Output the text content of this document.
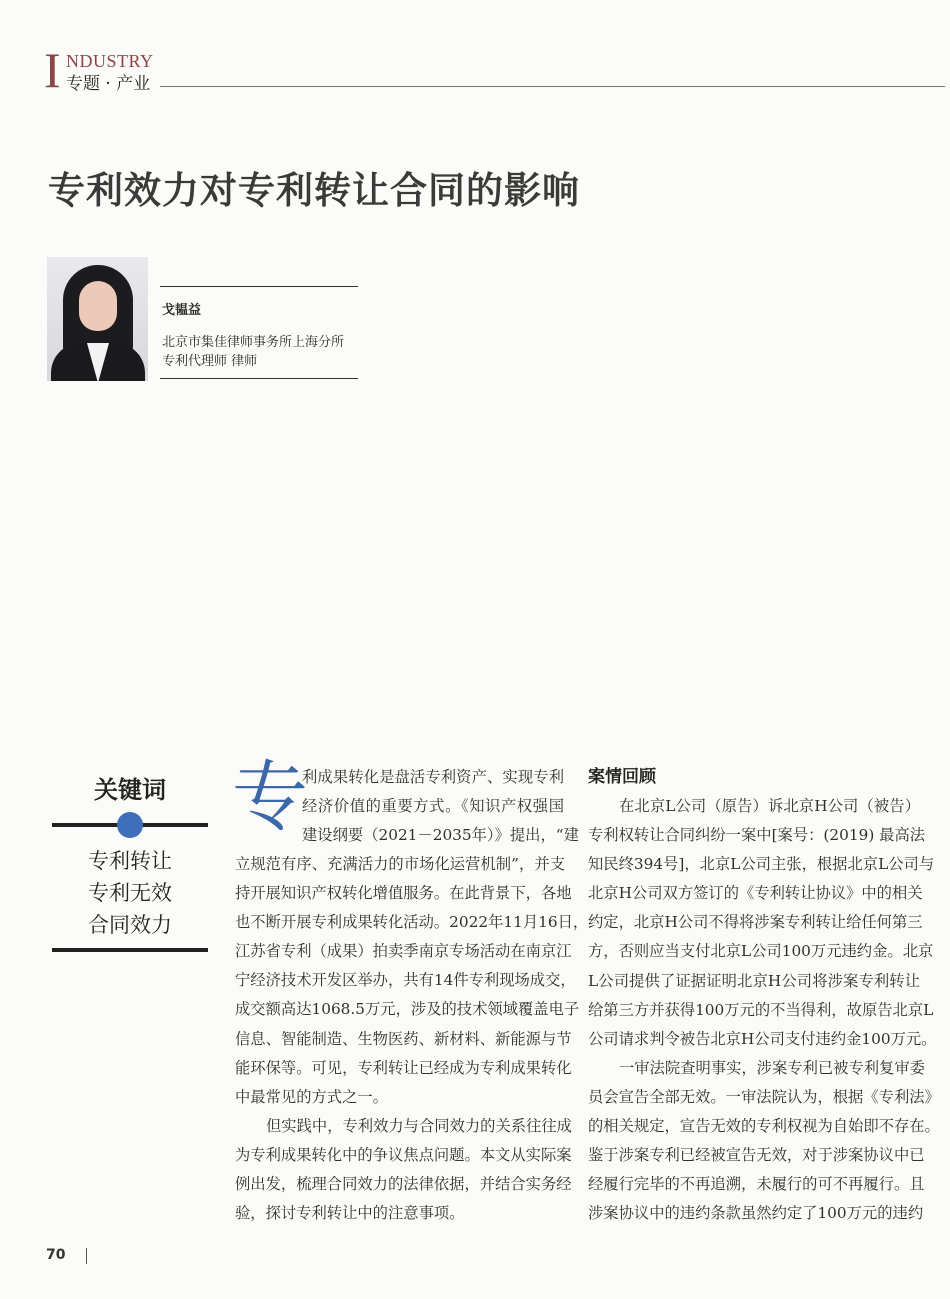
I NDUSTRY
专题 · 产业
专利效力对专利转让合同的影响
戈韫益
北京市集佳律师事务所上海分所
专利代理师 律师
关键词
专利转让
专利无效
合同效力
专
利成果转化是盘活专利资产、实现专利
经济价值的重要方式。《知识产权强国
建设纲要（2021－2035年）》提出，“建
立规范有序、充满活力的市场化运营机制”，并支
持开展知识产权转化增值服务。在此背景下，各地
也不断开展专利成果转化活动。2022年11月16日，
江苏省专利（成果）拍卖季南京专场活动在南京江
宁经济技术开发区举办，共有14件专利现场成交，
成交额高达1068.5万元，涉及的技术领域覆盖电子
信息、智能制造、生物医药、新材料、新能源与节
能环保等。可见，专利转让已经成为专利成果转化
中最常见的方式之一。
但实践中，专利效力与合同效力的关系往往成
为专利成果转化中的争议焦点问题。本文从实际案
例出发，梳理合同效力的法律依据，并结合实务经
验，探讨专利转让中的注意事项。
案情回顾
在北京L公司（原告）诉北京H公司（被告）
专利权转让合同纠纷一案中[案号：(2019) 最高法
知民终394号]，北京L公司主张，根据北京L公司与
北京H公司双方签订的《专利转让协议》中的相关
约定，北京H公司不得将涉案专利转让给任何第三
方，否则应当支付北京L公司100万元违约金。北京
L公司提供了证据证明北京H公司将涉案专利转让
给第三方并获得100万元的不当得利，故原告北京L
公司请求判令被告北京H公司支付违约金100万元。
一审法院查明事实，涉案专利已被专利复审委
员会宣告全部无效。一审法院认为，根据《专利法》
的相关规定，宣告无效的专利权视为自始即不存在。
鉴于涉案专利已经被宣告无效，对于涉案协议中已
经履行完毕的不再追溯，未履行的可不再履行。且
涉案协议中的违约条款虽然约定了100万元的违约
70
